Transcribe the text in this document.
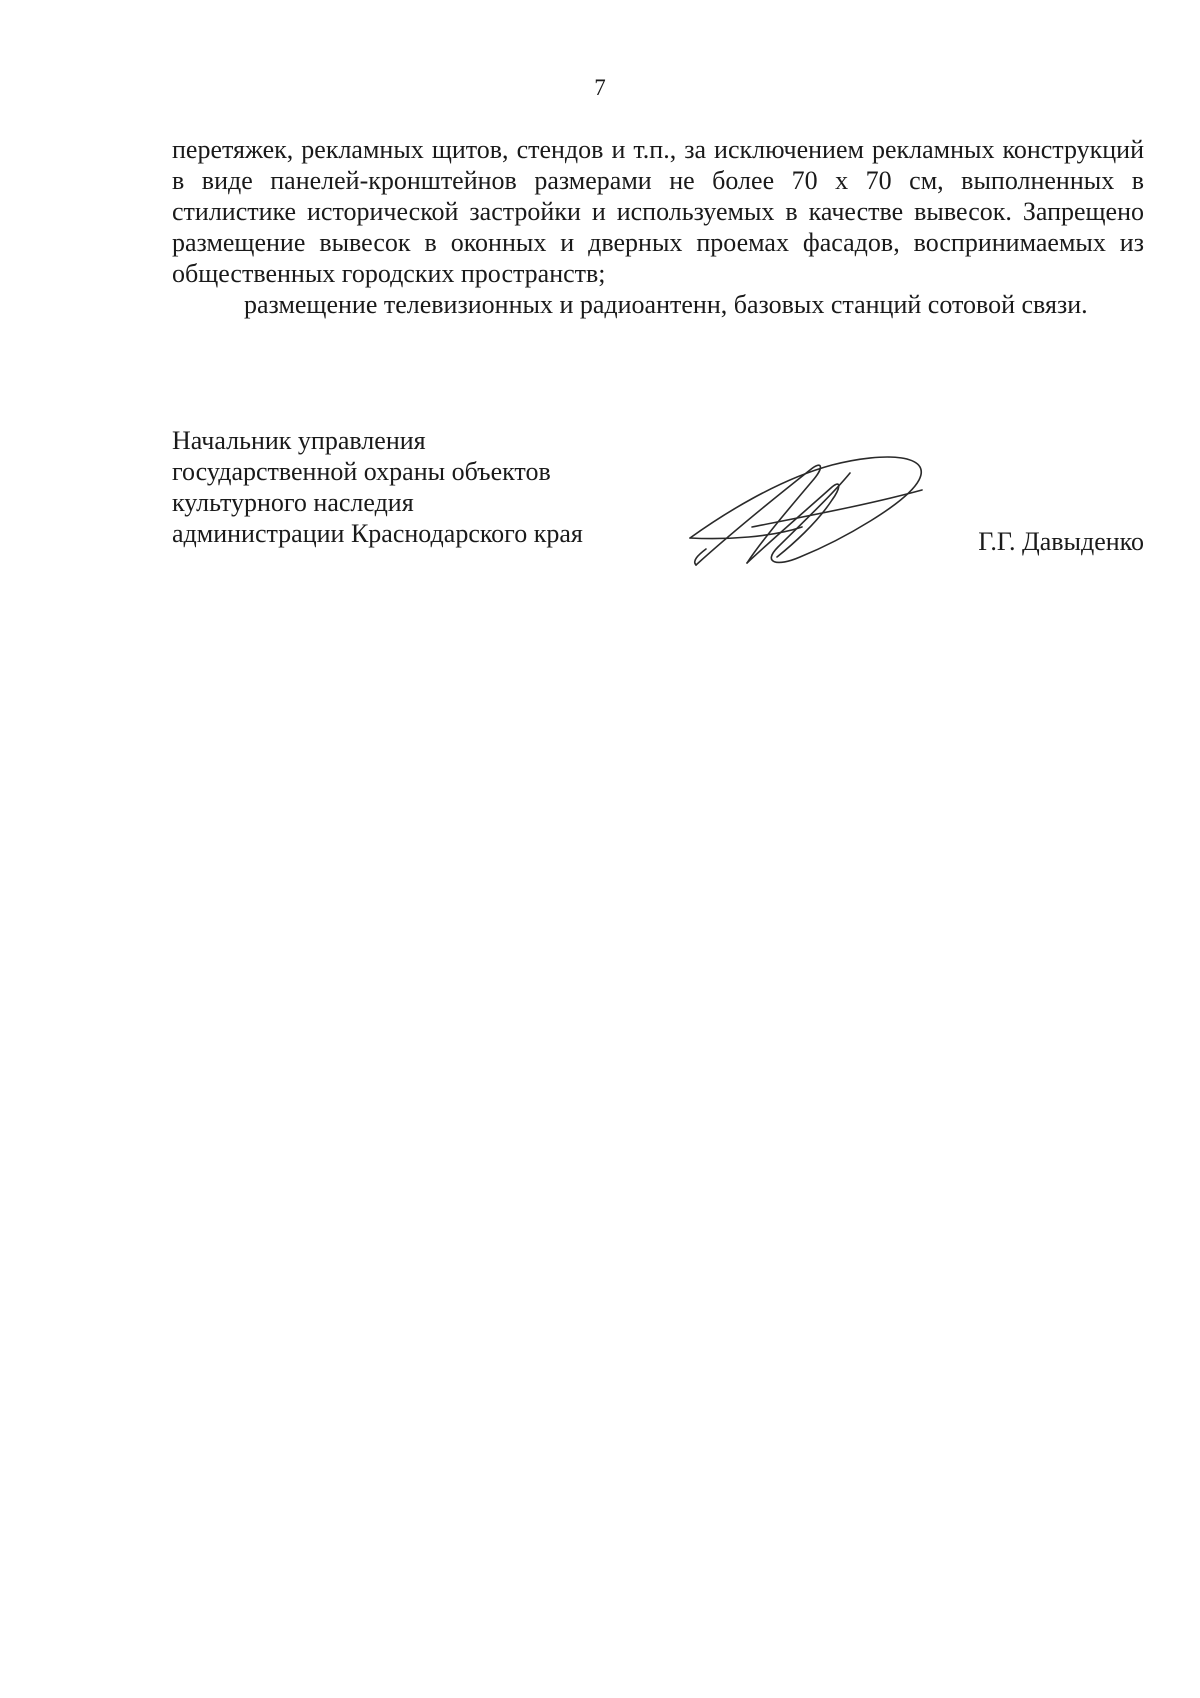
7

перетяжек, рекламных щитов, стендов и т.п., за исключением рекламных конструкций в виде панелей-кронштейнов размерами не более 70 х 70 см, выполненных в стилистике исторической застройки и используемых в качестве вывесок. Запрещено размещение вывесок в оконных и дверных проемах фасадов, воспринимаемых из общественных городских пространств;

размещение телевизионных и радиоантенн, базовых станций сотовой связи.

Начальник управления
государственной охраны объектов
культурного наследия
администрации Краснодарского края	Г.Г. Давыденко
